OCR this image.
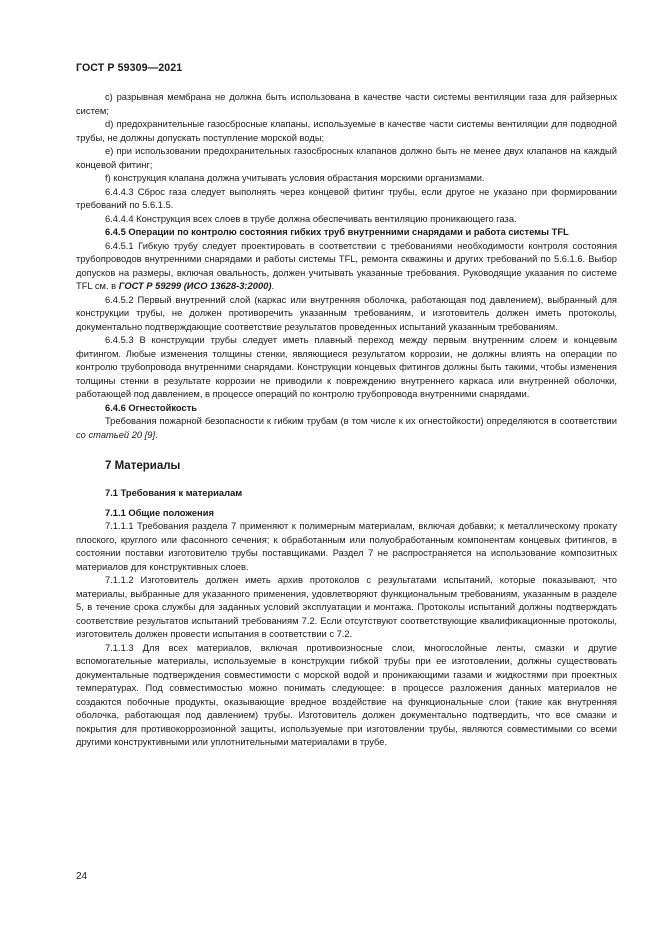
ГОСТ Р 59309—2021

c) разрывная мембрана не должна быть использована в качестве части системы вентиляции газа для райзерных систем;

d) предохранительные газосбросные клапаны, используемые в качестве части системы вентиляции для подводной трубы, не должны допускать поступление морской воды;

e) при использовании предохранительных газосбросных клапанов должно быть не менее двух клапанов на каждый концевой фитинг;

f) конструкция клапана должна учитывать условия обрастания морскими организмами.

6.4.4.3 Сброс газа следует выполнять через концевой фитинг трубы, если другое не указано при формировании требований по 5.6.1.5.

6.4.4.4 Конструкция всех слоев в трубе должна обеспечивать вентиляцию проникающего газа.

6.4.5 Операции по контролю состояния гибких труб внутренними снарядами и работа системы TFL

6.4.5.1 Гибкую трубу следует проектировать в соответствии с требованиями необходимости контроля состояния трубопроводов внутренними снарядами и работы системы TFL, ремонта скважины и других требований по 5.6.1.6. Выбор допусков на размеры, включая овальность, должен учитывать указанные требования. Руководящие указания по системе TFL см. в ГОСТ Р 59299 (ИСО 13628-3:2000).

6.4.5.2 Первый внутренний слой (каркас или внутренняя оболочка, работающая под давлением), выбранный для конструкции трубы, не должен противоречить указанным требованиям, и изготовитель должен иметь протоколы, документально подтверждающие соответствие результатов проведенных испытаний указанным требованиям.

6.4.5.3 В конструкции трубы следует иметь плавный переход между первым внутренним слоем и концевым фитингом. Любые изменения толщины стенки, являющиеся результатом коррозии, не должны влиять на операции по контролю трубопровода внутренними снарядами. Конструкции концевых фитингов должны быть такими, чтобы изменения толщины стенки в результате коррозии не приводили к повреждению внутреннего каркаса или внутренней оболочки, работающей под давлением, в процессе операций по контролю трубопровода внутренними снарядами.

6.4.6 Огнестойкость

Требования пожарной безопасности к гибким трубам (в том числе к их огнестойкости) определяются в соответствии со статьей 20 [9].

7 Материалы
7.1 Требования к материалам
7.1.1 Общие положения

7.1.1.1 Требования раздела 7 применяют к полимерным материалам, включая добавки; к металлическому прокату плоского, круглого или фасонного сечения; к обработанным или полуобработанным компонентам концевых фитингов, в состоянии поставки изготовителю трубы поставщиками. Раздел 7 не распространяется на использование композитных материалов для конструктивных слоев.

7.1.1.2 Изготовитель должен иметь архив протоколов с результатами испытаний, которые показывают, что материалы, выбранные для указанного применения, удовлетворяют функциональным требованиям, указанным в разделе 5, в течение срока службы для заданных условий эксплуатации и монтажа. Протоколы испытаний должны подтверждать соответствие результатов испытаний требованиям 7.2. Если отсутствуют соответствующие квалификационные протоколы, изготовитель должен провести испытания в соответствии с 7.2.

7.1.1.3 Для всех материалов, включая противоизносные слои, многослойные ленты, смазки и другие вспомогательные материалы, используемые в конструкции гибкой трубы при ее изготовлении, должны существовать документальные подтверждения совместимости с морской водой и проникающими газами и жидкостями при проектных температурах. Под совместимостью можно понимать следующее: в процессе разложения данных материалов не создаются побочные продукты, оказывающие вредное воздействие на функциональные слои (такие как внутренняя оболочка, работающая под давлением) трубы. Изготовитель должен документально подтвердить, что все смазки и покрытия для противокоррозионной защиты, используемые при изготовлении трубы, являются совместимыми со всеми другими конструктивными или уплотнительными материалами в трубе.

24
